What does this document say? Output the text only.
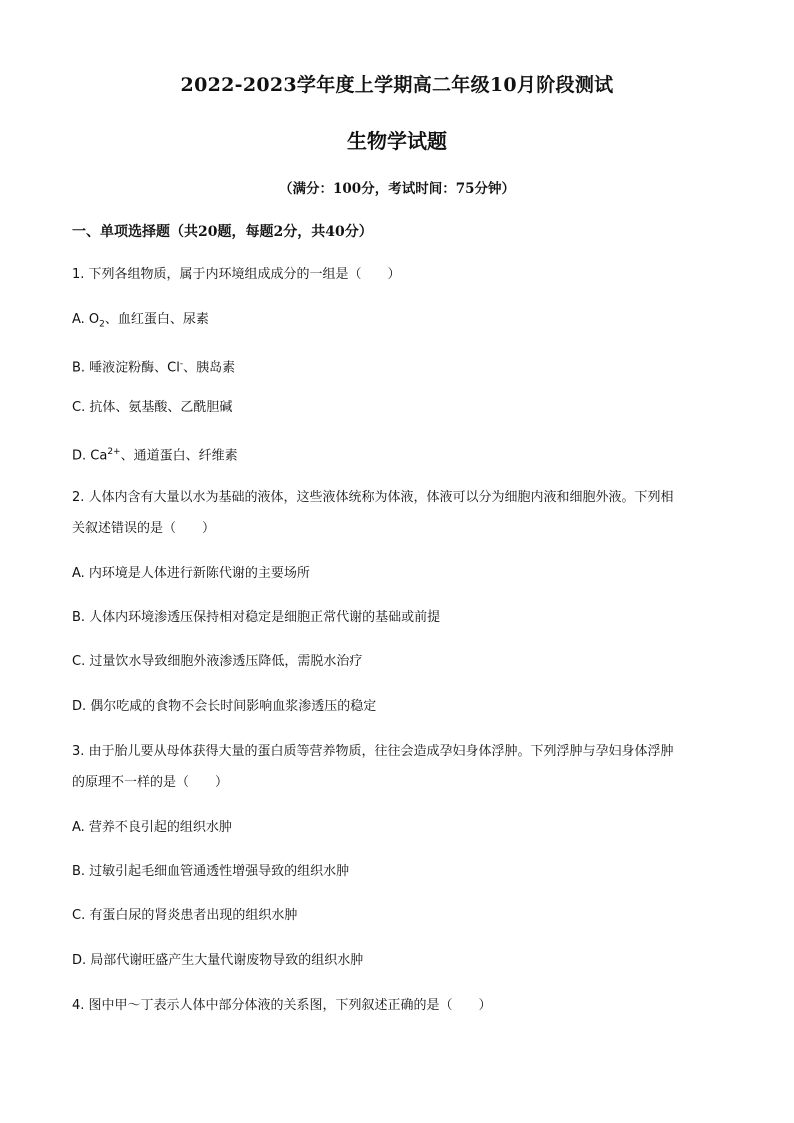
2022-2023学年度上学期高二年级10月阶段测试
生物学试题
（满分：100分，考试时间：75分钟）
一、单项选择题（共20题，每题2分，共40分）
1. 下列各组物质，属于内环境组成成分的一组是（　　）
A. $O_2$、血红蛋白、尿素
B. 唾液淀粉酶、Cl-、胰岛素
C. 抗体、氨基酸、乙酰胆碱
D. $Ca^{2+}$、通道蛋白、纤维素
2. 人体内含有大量以水为基础的液体，这些液体统称为体液，体液可以分为细胞内液和细胞外液。下列相
关叙述错误的是（　　）
A. 内环境是人体进行新陈代谢的主要场所
B. 人体内环境渗透压保持相对稳定是细胞正常代谢的基础或前提
C. 过量饮水导致细胞外液渗透压降低，需脱水治疗
D. 偶尔吃咸的食物不会长时间影响血浆渗透压的稳定
3. 由于胎儿要从母体获得大量的蛋白质等营养物质，往往会造成孕妇身体浮肿。下列浮肿与孕妇身体浮肿
的原理不一样的是（　　）
A. 营养不良引起的组织水肿
B. 过敏引起毛细血管通透性增强导致的组织水肿
C. 有蛋白尿的肾炎患者出现的组织水肿
D. 局部代谢旺盛产生大量代谢废物导致的组织水肿
4. 图中甲～丁表示人体中部分体液的关系图，下列叙述正确的是（　　）
